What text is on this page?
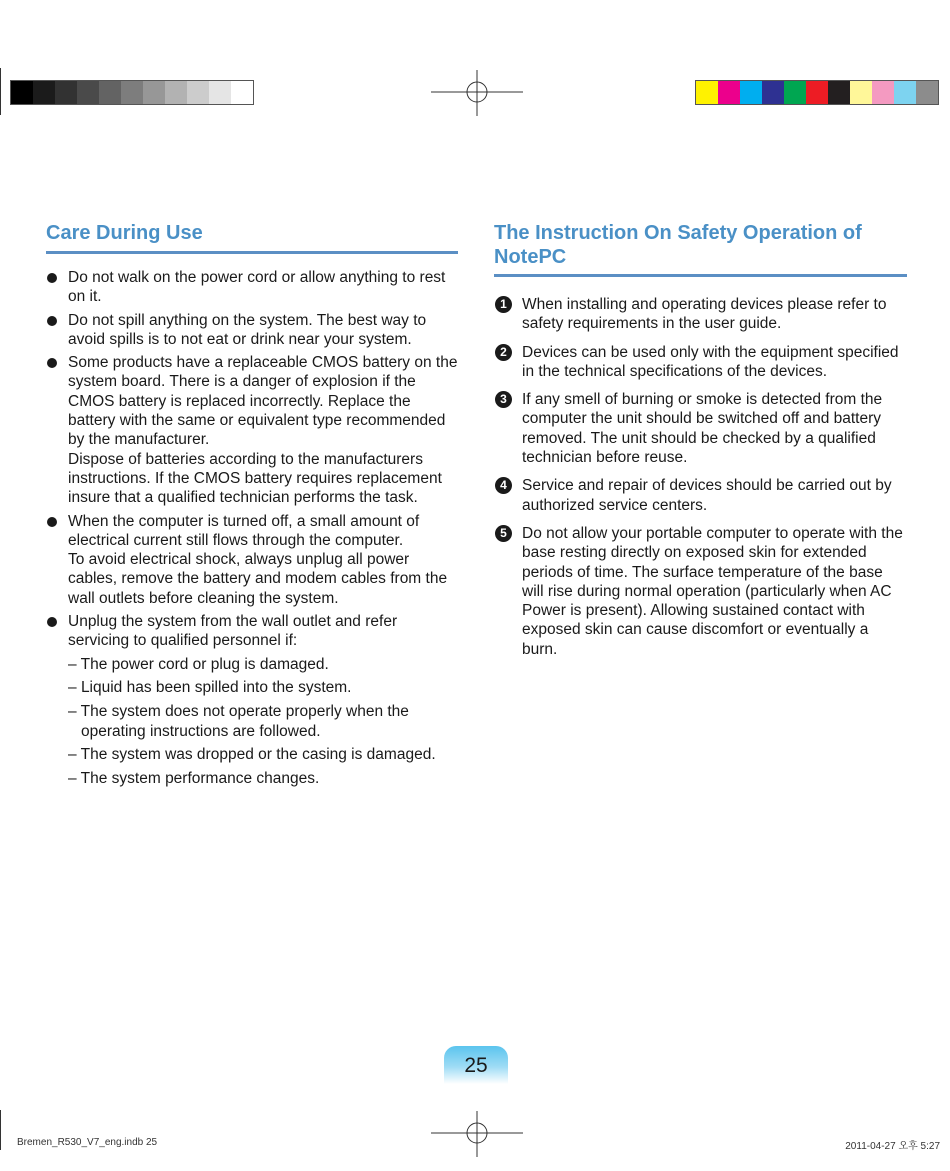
Care During Use

Do not walk on the power cord or allow anything to rest on it.

Do not spill anything on the system. The best way to avoid spills is to not eat or drink near your system.

Some products have a replaceable CMOS battery on the system board. There is a danger of explosion if the CMOS battery is replaced incorrectly. Replace the battery with the same or equivalent type recommended by the manufacturer.

Dispose of batteries according to the manufacturers instructions. If the CMOS battery requires replacement insure that a qualified technician performs the task.

When the computer is turned off, a small amount of electrical current still flows through the computer.

To avoid electrical shock, always unplug all power cables, remove the battery and modem cables from the wall outlets before cleaning the system.

Unplug the system from the wall outlet and refer servicing to qualified personnel if:

– The power cord or plug is damaged.
– Liquid has been spilled into the system.
– The system does not operate properly when the operating instructions are followed.
– The system was dropped or the casing is damaged.
– The system performance changes.
The Instruction On Safety Operation of NotePC
1 When installing and operating devices please refer to safety requirements in the user guide.

2 Devices can be used only with the equipment specified in the technical specifications of the devices.

3 If any smell of burning or smoke is detected from the computer the unit should be switched off and battery removed. The unit should be checked by a qualified technician before reuse.

4 Service and repair of devices should be carried out by authorized service centers.

5 Do not allow your portable computer to operate with the base resting directly on exposed skin for extended periods of time. The surface temperature of the base will rise during normal operation (particularly when AC Power is present). Allowing sustained contact with exposed skin can cause discomfort or eventually a burn.

25
Bremen_R530_V7_eng.indb 25	2011-04-27 오후 5:27
